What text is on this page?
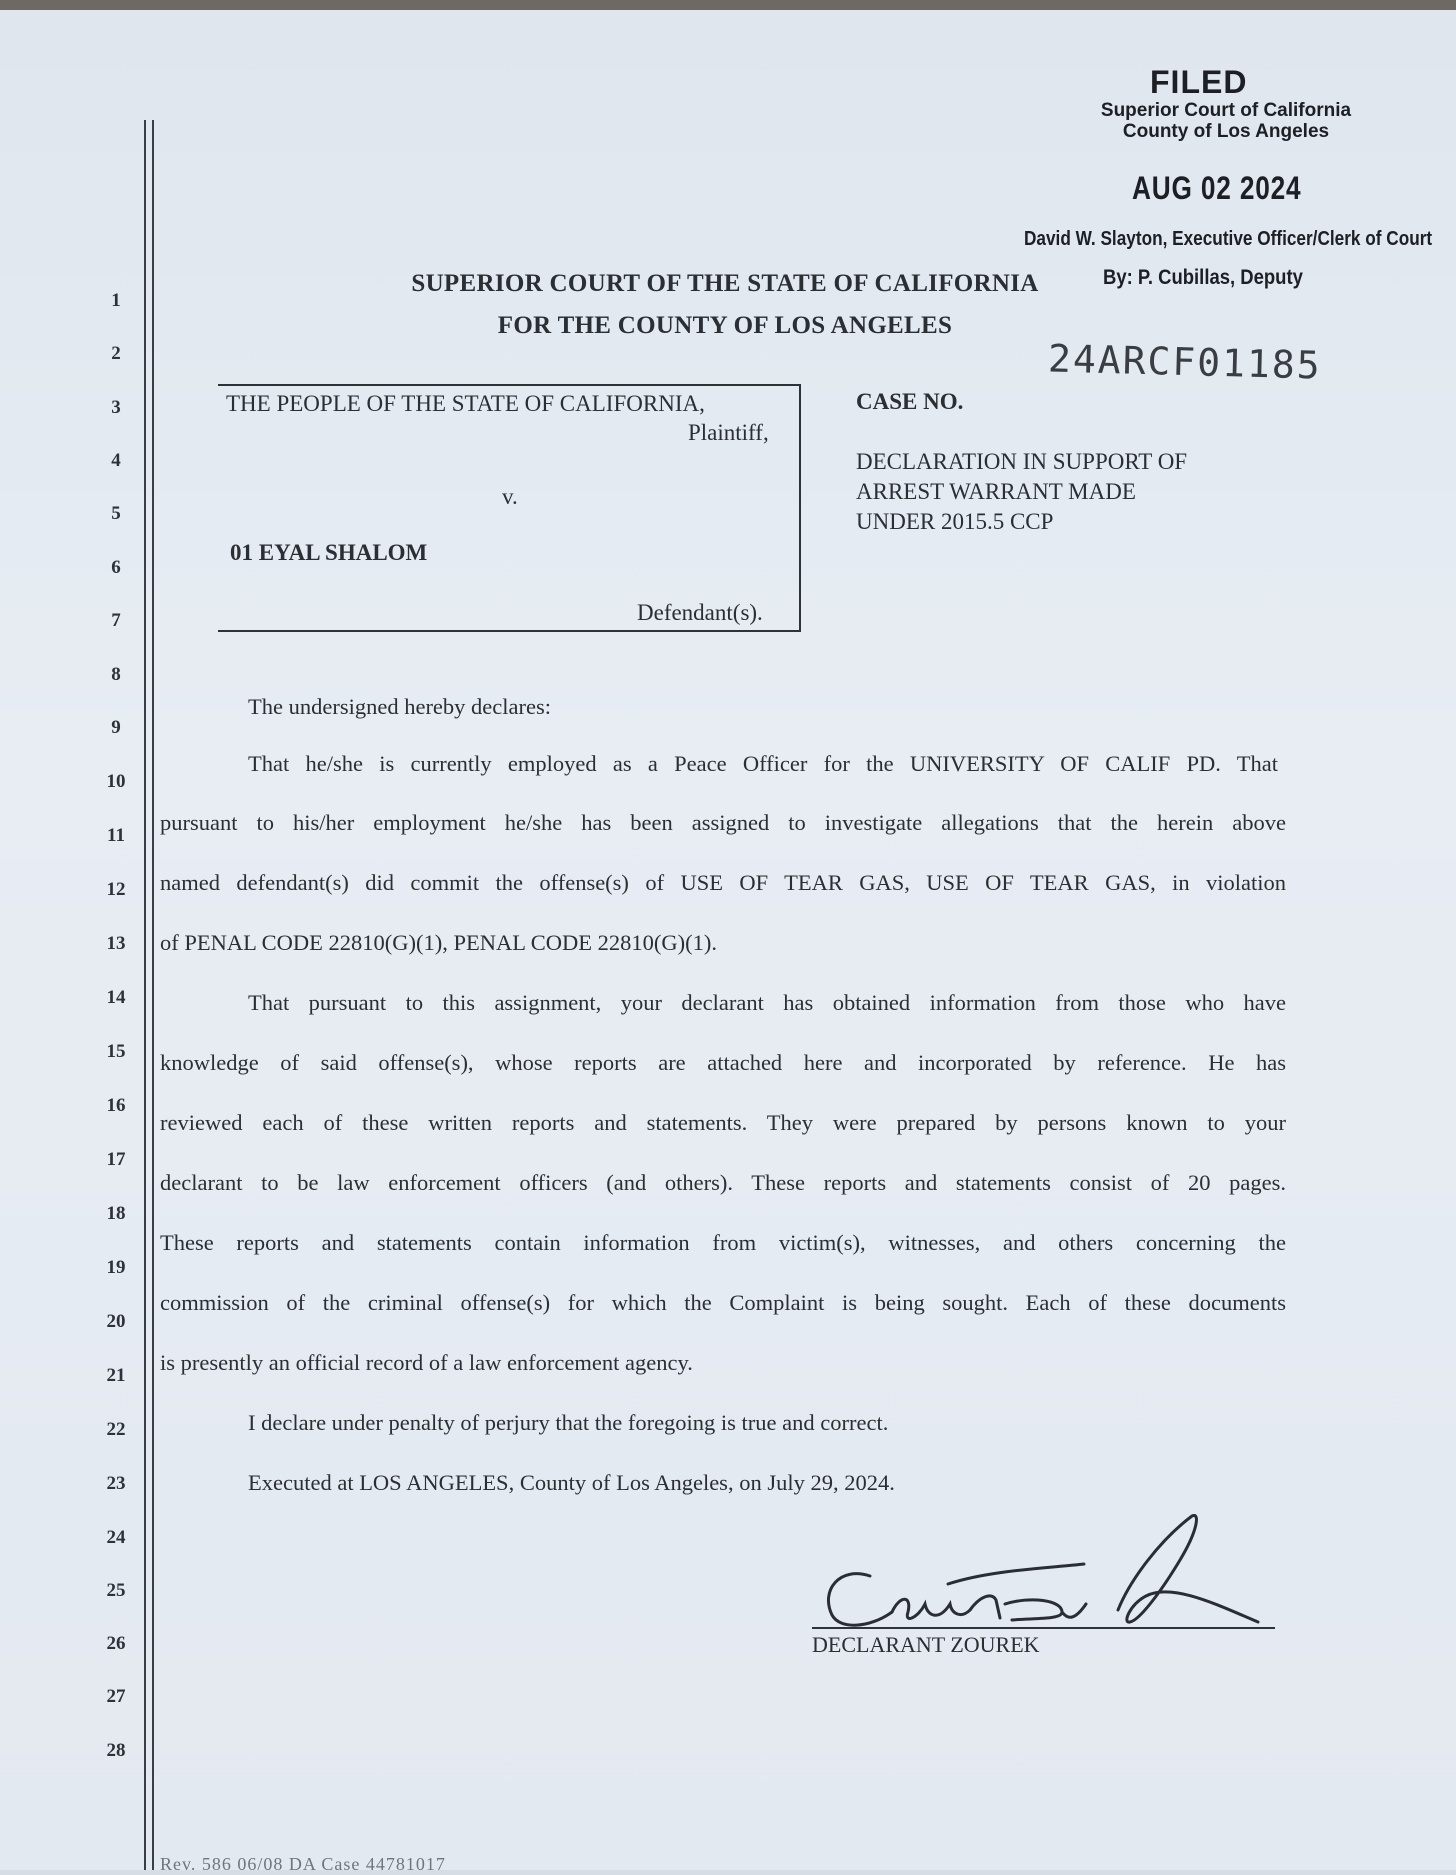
1
2
3
4
5
6
7
8
9
10
11
12
13
14
15
16
17
18
19
20
21
22
23
24
25
26
27
28
FILED
Superior Court of California
County of Los Angeles
AUG 02 2024
David W. Slayton, Executive Officer/Clerk of Court
By: P. Cubillas, Deputy
24ARCF01185
SUPERIOR COURT OF THE STATE OF CALIFORNIA
FOR THE COUNTY OF LOS ANGELES
THE PEOPLE OF THE STATE OF CALIFORNIA,
Plaintiff,
v.
01 EYAL SHALOM
Defendant(s).
CASE NO.
DECLARATION IN SUPPORT OF
ARREST WARRANT MADE
UNDER 2015.5 CCP
The undersigned hereby declares:
That he/she is currently employed as a Peace Officer for the UNIVERSITY OF CALIF PD. That
pursuant to his/her employment he/she has been assigned to investigate allegations that the herein above
named defendant(s) did commit the offense(s) of USE OF TEAR GAS, USE OF TEAR GAS, in violation
of PENAL CODE 22810(G)(1), PENAL CODE 22810(G)(1).
That pursuant to this assignment, your declarant has obtained information from those who have
knowledge of said offense(s), whose reports are attached here and incorporated by reference. He has
reviewed each of these written reports and statements. They were prepared by persons known to your
declarant to be law enforcement officers (and others). These reports and statements consist of 20 pages.
These reports and statements contain information from victim(s), witnesses, and others concerning the
commission of the criminal offense(s) for which the Complaint is being sought. Each of these documents
is presently an official record of a law enforcement agency.
I declare under penalty of perjury that the foregoing is true and correct.
Executed at LOS ANGELES, County of Los Angeles, on July 29, 2024.
DECLARANT ZOUREK
Rev. 586 06/08 DA Case 44781017
